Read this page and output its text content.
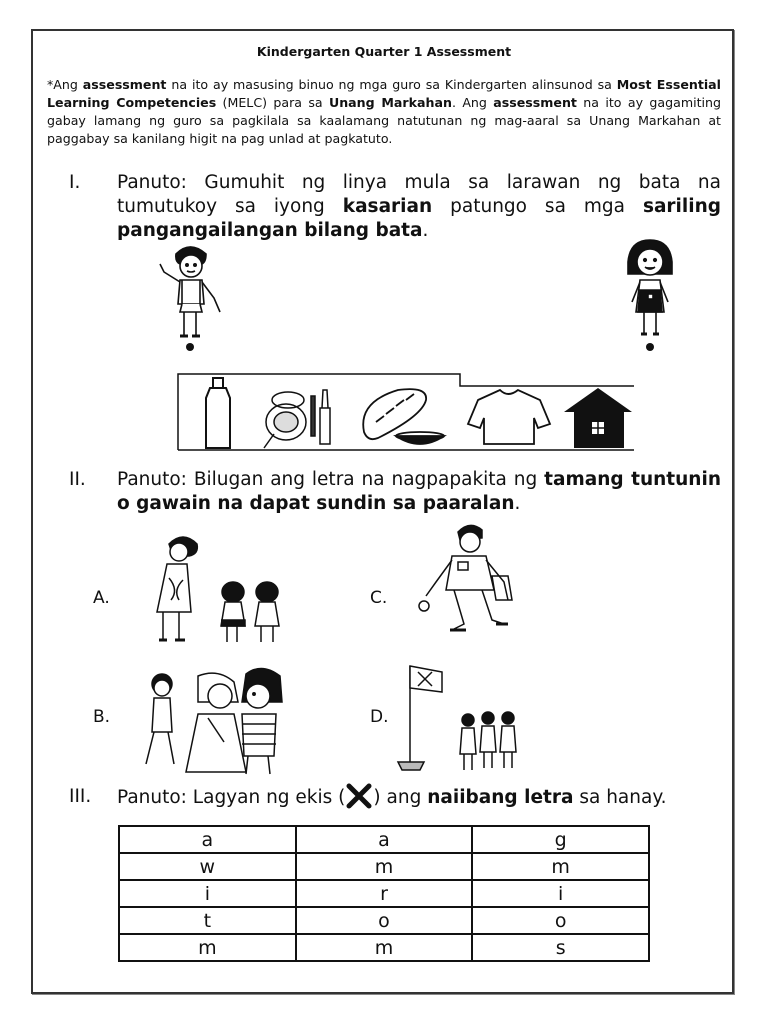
Kindergarten Quarter 1 Assessment
*Ang assessment na ito ay masusing binuo ng mga guro sa Kindergarten alinsunod sa Most Essential Learning Competencies (MELC) para sa Unang Markahan. Ang assessment na ito ay gagamiting gabay lamang ng guro sa pagkilala sa kaalamang natutunan ng mag-aaral sa Unang Markahan at paggabay sa kanilang higit na pag unlad at pagkatuto.
I. Panuto: Gumuhit ng linya mula sa larawan ng bata na tumutukoy sa iyong kasarian patungo sa mga sariling pangangailangan bilang bata.
II. Panuto: Bilugan ang letra na nagpapakita ng tamang tuntunin o gawain na dapat sundin sa paaralan.
A.	C.
B.	D.
III. Panuto: Lagyan ng ekis ( ) ang naiibang letra sa hanay.
a	a	g
w	m	m
i	r	i
t	o	o
m	m	s
